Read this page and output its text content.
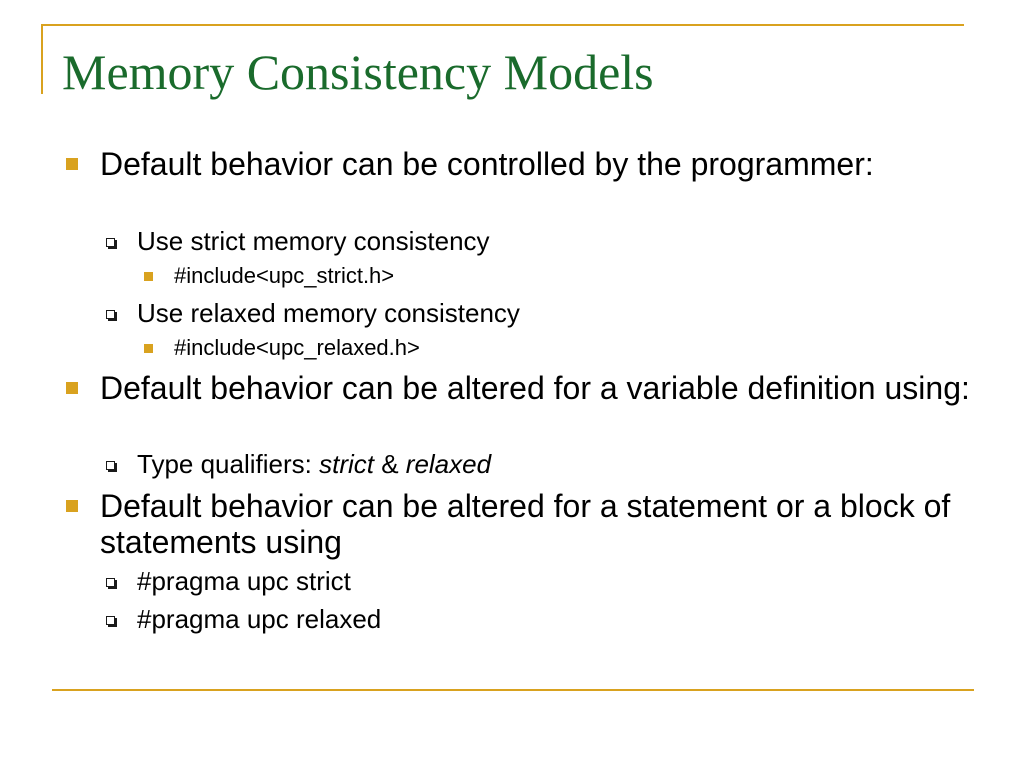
Memory Consistency Models

Default behavior can be controlled by the programmer:

Use strict memory consistency

#include<upc_strict.h>

Use relaxed memory consistency

#include<upc_relaxed.h>

Default behavior can be altered for a variable definition using:

Type qualifiers: strict & relaxed

Default behavior can be altered for a statement or a block of statements using

#pragma upc strict

#pragma upc relaxed
